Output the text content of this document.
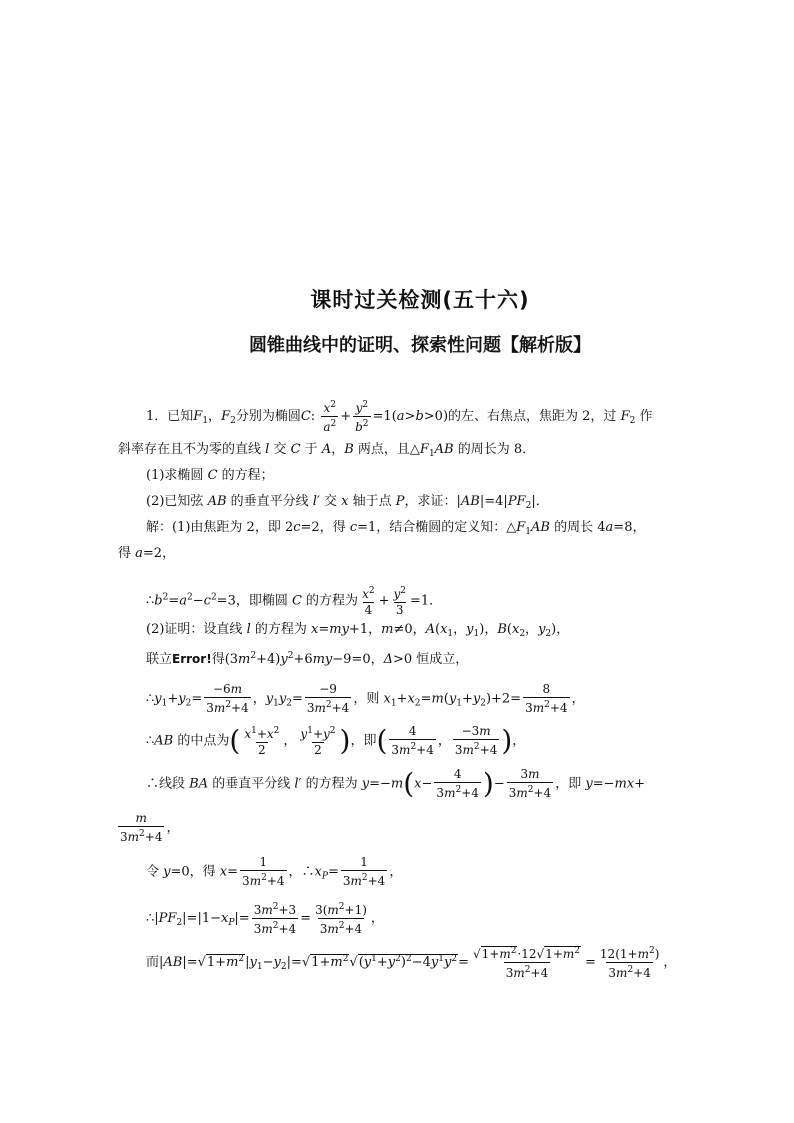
课时过关检测(五十六)
圆锥曲线中的证明、探索性问题【解析版】
1．已知$F_1$，$F_2$分别为椭圆C: $\frac{x^2}{a^2} + \frac{y^2}{b^2} =1(a>b>0)$的左、右焦点，焦距为 2，过 $F_2$ 作
斜率存在且不为零的直线 l 交 C 于 A，B 两点，且$\triangle F_1AB$ 的周长为 8．
(1)求椭圆 C 的方程；
(2)已知弦 AB 的垂直平分线 l′ 交 x 轴于点 P，求证：$|AB|=4|PF_2|$．
解：(1)由焦距为 2，即 2c=2，得 c=1，结合椭圆的定义知：$\triangle F_1AB$ 的周长 4a=8，
得 a=2，
$\therefore b^2=a^2-c^2=3$，即椭圆 C 的方程为 $\frac{x^2}{4} + \frac{y^2}{3} =1$．
(2)证明：设直线 l 的方程为 x=my+1，m≠0，$A(x_1$，$y_1$)，$B(x_2$，$y_2$)，
联立Error!得$(3m^2+4)y^2+6my-9=0$，Δ>0 恒成立，
$\therefore y_1+y_2= \frac{-6m}{3m^2+4}$ ，$y_1y_2= \frac{-9}{3m^2+4}$ ，则 $x_1+x_2=m(y_1+y_2)+2= \frac{8}{3m^2+4}$ ，
∴AB 的中点为( $\frac{x^1+x^2}{2}$ ， $\frac{y^1+y^2}{2}$ )，即( $\frac{4}{3m^2+4}$ ， $\frac{-3m}{3m^2+4}$ )，
∴线段 BA 的垂直平分线 l′ 的方程为 $y=-m(x- \frac{4}{3m^2+4}$ )− $\frac{3m}{3m^2+4}$ ，即 y=−mx+
$\frac{m}{3m^2+4}$ ，
令 y=0，得 $x= \frac{1}{3m^2+4}$ ，$\therefore x_P= \frac{1}{3m^2+4}$ ，
$\therefore|PF_2|=|1-x_P|= \frac{3m^2+3}{3m^2+4} = \frac{3(m^2+1)}{3m^2+4}$ ，
而$|AB|=√1+m^2|y_1-y_2|=√1+m^2√(y^1+y^2)^2-4y^1y^2= \frac{√1+m^2\cdot 12√1+m^2}{3m^2+4} = \frac{12(1+m^2)}{3m^2+4}$ ，
